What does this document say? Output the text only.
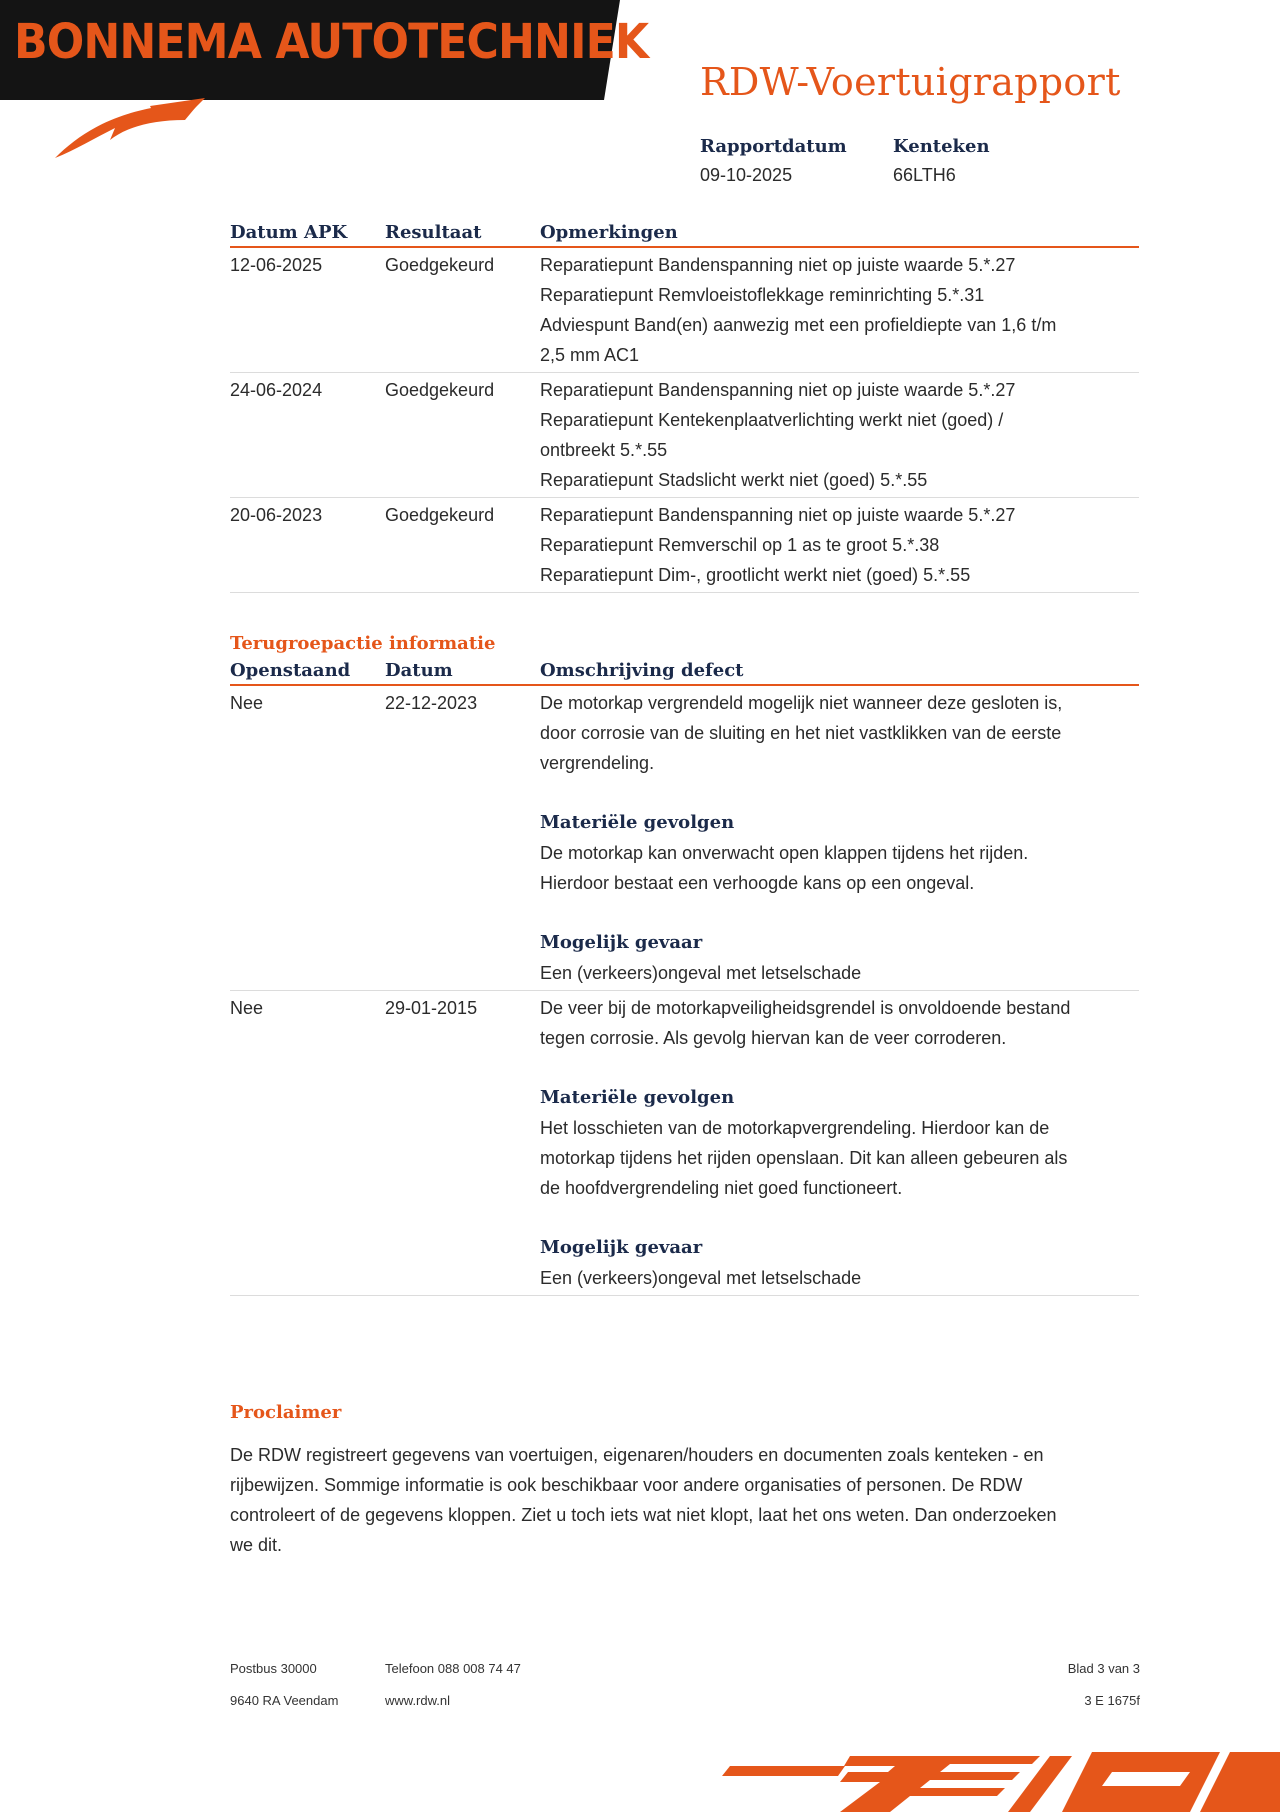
BONNEMA AUTOTECHNIEK
RDW-Voertuigrapport
Rapportdatum
09-10-2025
Kenteken
66LTH6
Datum APK	Resultaat	Opmerkingen
12-06-2025	Goedgekeurd	Reparatiepunt Bandenspanning niet op juiste waarde 5.*.27
Reparatiepunt Remvloeistoflekkage reminrichting 5.*.31
Adviespunt Band(en) aanwezig met een profieldiepte van 1,6 t/m
2,5 mm AC1
24-06-2024	Goedgekeurd	Reparatiepunt Bandenspanning niet op juiste waarde 5.*.27
Reparatiepunt Kentekenplaatverlichting werkt niet (goed) /
ontbreekt 5.*.55
Reparatiepunt Stadslicht werkt niet (goed) 5.*.55
20-06-2023	Goedgekeurd	Reparatiepunt Bandenspanning niet op juiste waarde 5.*.27
Reparatiepunt Remverschil op 1 as te groot 5.*.38
Reparatiepunt Dim-, grootlicht werkt niet (goed) 5.*.55
Terugroepactie informatie
Openstaand	Datum	Omschrijving defect
Nee	22-12-2023	De motorkap vergrendeld mogelijk niet wanneer deze gesloten is,
door corrosie van de sluiting en het niet vastklikken van de eerste
vergrendeling.
Materiële gevolgen
De motorkap kan onverwacht open klappen tijdens het rijden.
Hierdoor bestaat een verhoogde kans op een ongeval.
Mogelijk gevaar
Een (verkeers)ongeval met letselschade
Nee	29-01-2015	De veer bij de motorkapveiligheidsgrendel is onvoldoende bestand
tegen corrosie. Als gevolg hiervan kan de veer corroderen.
Materiële gevolgen
Het losschieten van de motorkapvergrendeling. Hierdoor kan de
motorkap tijdens het rijden openslaan. Dit kan alleen gebeuren als
de hoofdvergrendeling niet goed functioneert.
Mogelijk gevaar
Een (verkeers)ongeval met letselschade
Proclaimer
De RDW registreert gegevens van voertuigen, eigenaren/houders en documenten zoals kenteken - en
rijbewijzen. Sommige informatie is ook beschikbaar voor andere organisaties of personen. De RDW
controleert of de gegevens kloppen. Ziet u toch iets wat niet klopt, laat het ons weten. Dan onderzoeken
we dit.
Postbus 30000
9640 RA Veendam
Telefoon 088 008 74 47
www.rdw.nl
Blad 3 van 3
3 E 1675f
